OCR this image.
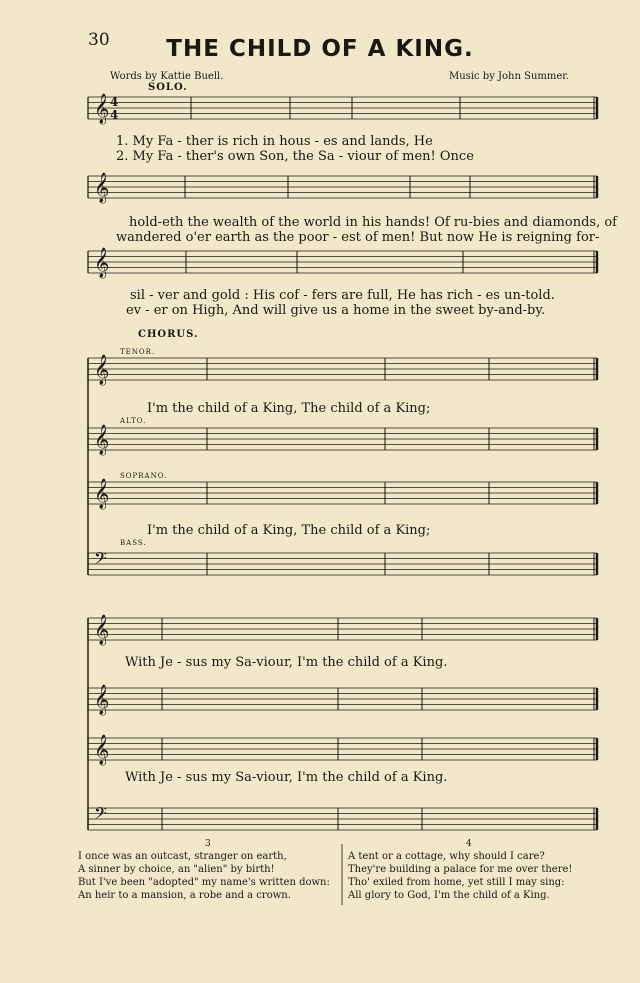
30	THE CHILD OF A KING.
Words by Kattie Buell.	Music by John Summer.
SOLO.
𝄞
𝄞
𝄞
𝄞
𝄞
𝄞
𝄢
𝄞
𝄞
𝄞
𝄢
4
4
1. My Fa - ther is rich in hous - es and lands, He
2. My Fa - ther's own Son, the Sa - viour of men! Once
hold-eth the wealth of the world in his hands! Of ru-bies and diamonds, of
wandered o'er earth as the poor - est of men! But now He is reigning for-
sil - ver and gold : His cof - fers are full, He has rich - es un-told.
ev - er on High, And will give us a home in the sweet by-and-by.
CHORUS.
TENOR.
ALTO.
SOPRANO.
BASS.
I'm the child of a King, The child of a King;
I'm the child of a King, The child of a King;
With Je - sus my Sa-viour, I'm the child of a King.
With Je - sus my Sa-viour, I'm the child of a King.
3
I once was an outcast, stranger on earth,
A sinner by choice, an "alien" by birth!
But I've been "adopted" my name's written down:
An heir to a mansion, a robe and a crown.
4
A tent or a cottage, why should I care?
They're building a palace for me over there!
Tho' exiled from home, yet still I may sing:
All glory to God, I'm the child of a King.
